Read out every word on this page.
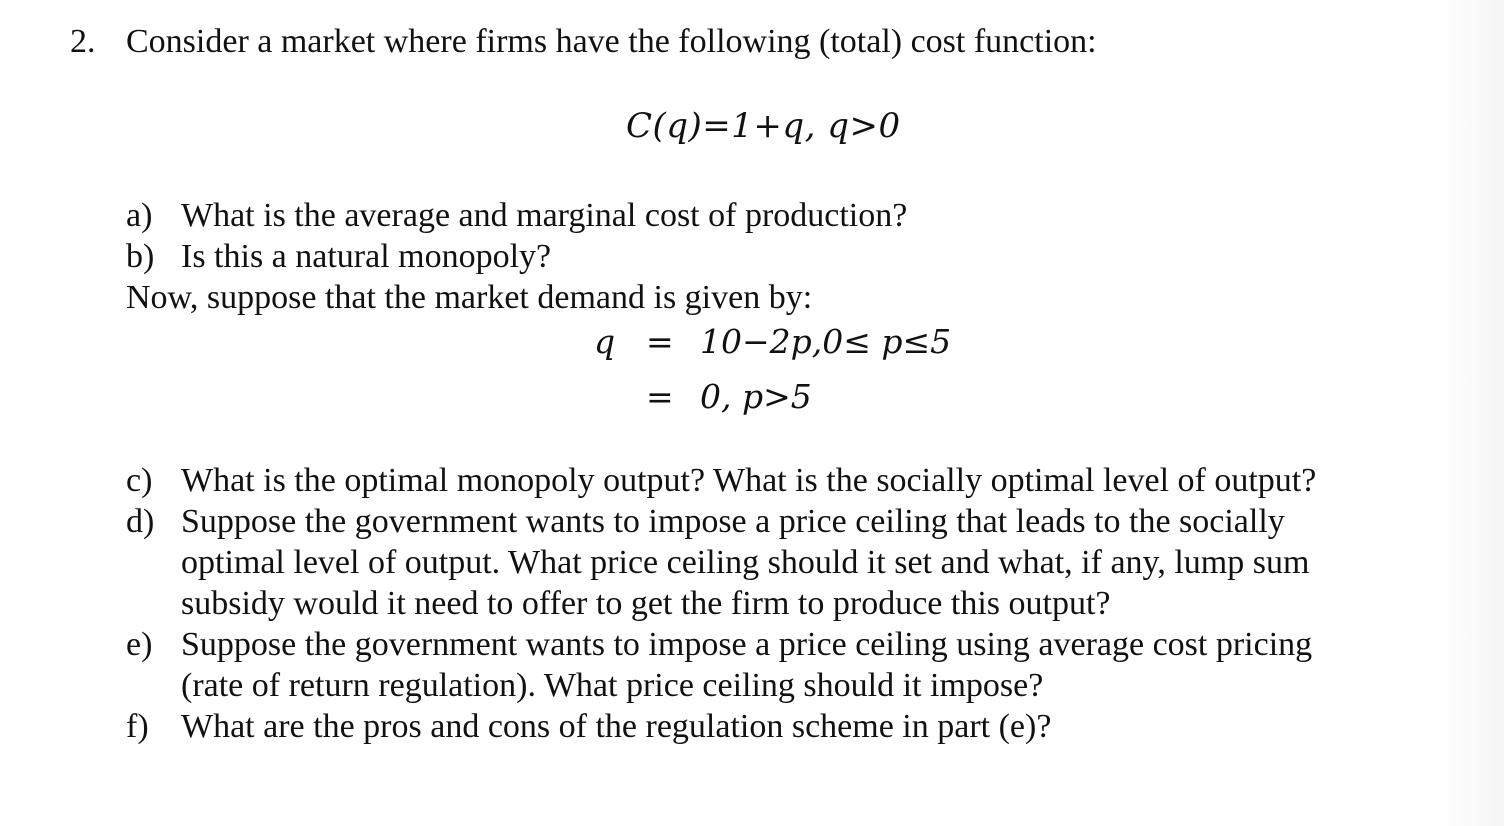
2. Consider a market where firms have the following (total) cost function:
C(q)=1+q, q>0
a) What is the average and marginal cost of production?
b) Is this a natural monopoly?
Now, suppose that the market demand is given by:
q = 10−2p,0≤ p≤5
= 0, p>5
c) What is the optimal monopoly output? What is the socially optimal level of output?
d) Suppose the government wants to impose a price ceiling that leads to the socially
optimal level of output. What price ceiling should it set and what, if any, lump sum
subsidy would it need to offer to get the firm to produce this output?
e) Suppose the government wants to impose a price ceiling using average cost pricing
(rate of return regulation). What price ceiling should it impose?
f) What are the pros and cons of the regulation scheme in part (e)?
